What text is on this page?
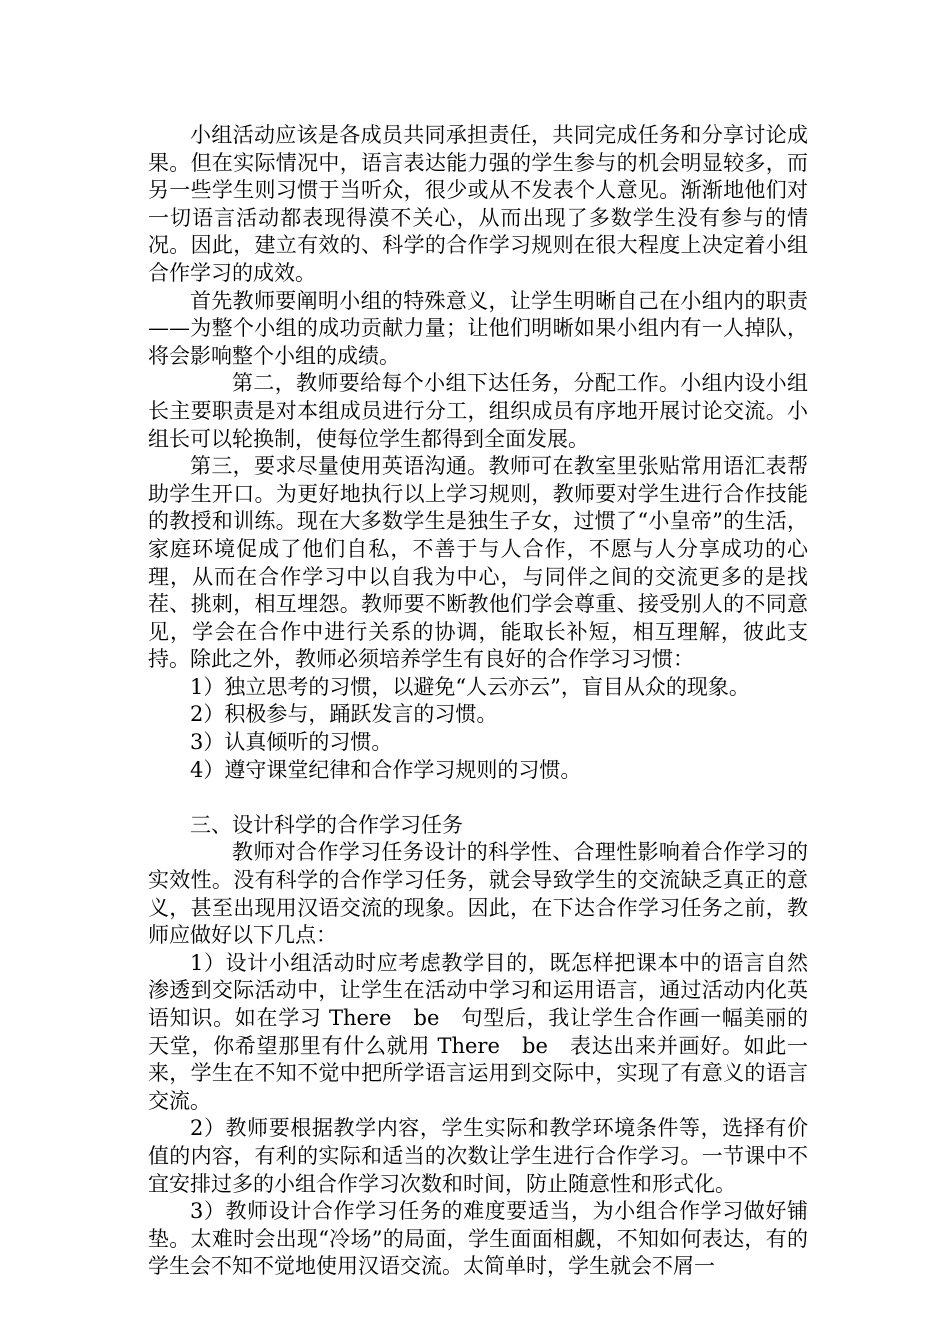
小组活动应该是各成员共同承担责任，共同完成任务和分享讨论成果。但在实际情况中，语言表达能力强的学生参与的机会明显较多，而另一些学生则习惯于当听众，很少或从不发表个人意见。渐渐地他们对一切语言活动都表现得漠不关心，从而出现了多数学生没有参与的情况。因此，建立有效的、科学的合作学习规则在很大程度上决定着小组合作学习的成效。

首先教师要阐明小组的特殊意义，让学生明晰自己在小组内的职责——为整个小组的成功贡献力量；让他们明晰如果小组内有一人掉队，将会影响整个小组的成绩。

第二，教师要给每个小组下达任务，分配工作。小组内设小组长主要职责是对本组成员进行分工，组织成员有序地开展讨论交流。小组长可以轮换制，使每位学生都得到全面发展。

第三，要求尽量使用英语沟通。教师可在教室里张贴常用语汇表帮助学生开口。为更好地执行以上学习规则，教师要对学生进行合作技能的教授和训练。现在大多数学生是独生子女，过惯了“小皇帝”的生活，家庭环境促成了他们自私，不善于与人合作，不愿与人分享成功的心理，从而在合作学习中以自我为中心，与同伴之间的交流更多的是找茬、挑刺，相互埋怨。教师要不断教他们学会尊重、接受别人的不同意见，学会在合作中进行关系的协调，能取长补短，相互理解，彼此支持。除此之外，教师必须培养学生有良好的合作学习习惯：

1）独立思考的习惯，以避免“人云亦云”，盲目从众的现象。

2）积极参与，踊跃发言的习惯。

3）认真倾听的习惯。

4）遵守课堂纪律和合作学习规则的习惯。

三、设计科学的合作学习任务

教师对合作学习任务设计的科学性、合理性影响着合作学习的实效性。没有科学的合作学习任务，就会导致学生的交流缺乏真正的意义，甚至出现用汉语交流的现象。因此，在下达合作学习任务之前，教师应做好以下几点：

1）设计小组活动时应考虑教学目的，既怎样把课本中的语言自然渗透到交际活动中，让学生在活动中学习和运用语言，通过活动内化英语知识。如在学习 There   be   句型后，我让学生合作画一幅美丽的天堂，你希望那里有什么就用 There   be   表达出来并画好。如此一来，学生在不知不觉中把所学语言运用到交际中，实现了有意义的语言交流。

2）教师要根据教学内容，学生实际和教学环境条件等，选择有价值的内容，有利的实际和适当的次数让学生进行合作学习。一节课中不宜安排过多的小组合作学习次数和时间，防止随意性和形式化。

3）教师设计合作学习任务的难度要适当，为小组合作学习做好铺垫。太难时会出现“冷场”的局面，学生面面相觑，不知如何表达，有的学生会不知不觉地使用汉语交流。太简单时，学生就会不屑一
